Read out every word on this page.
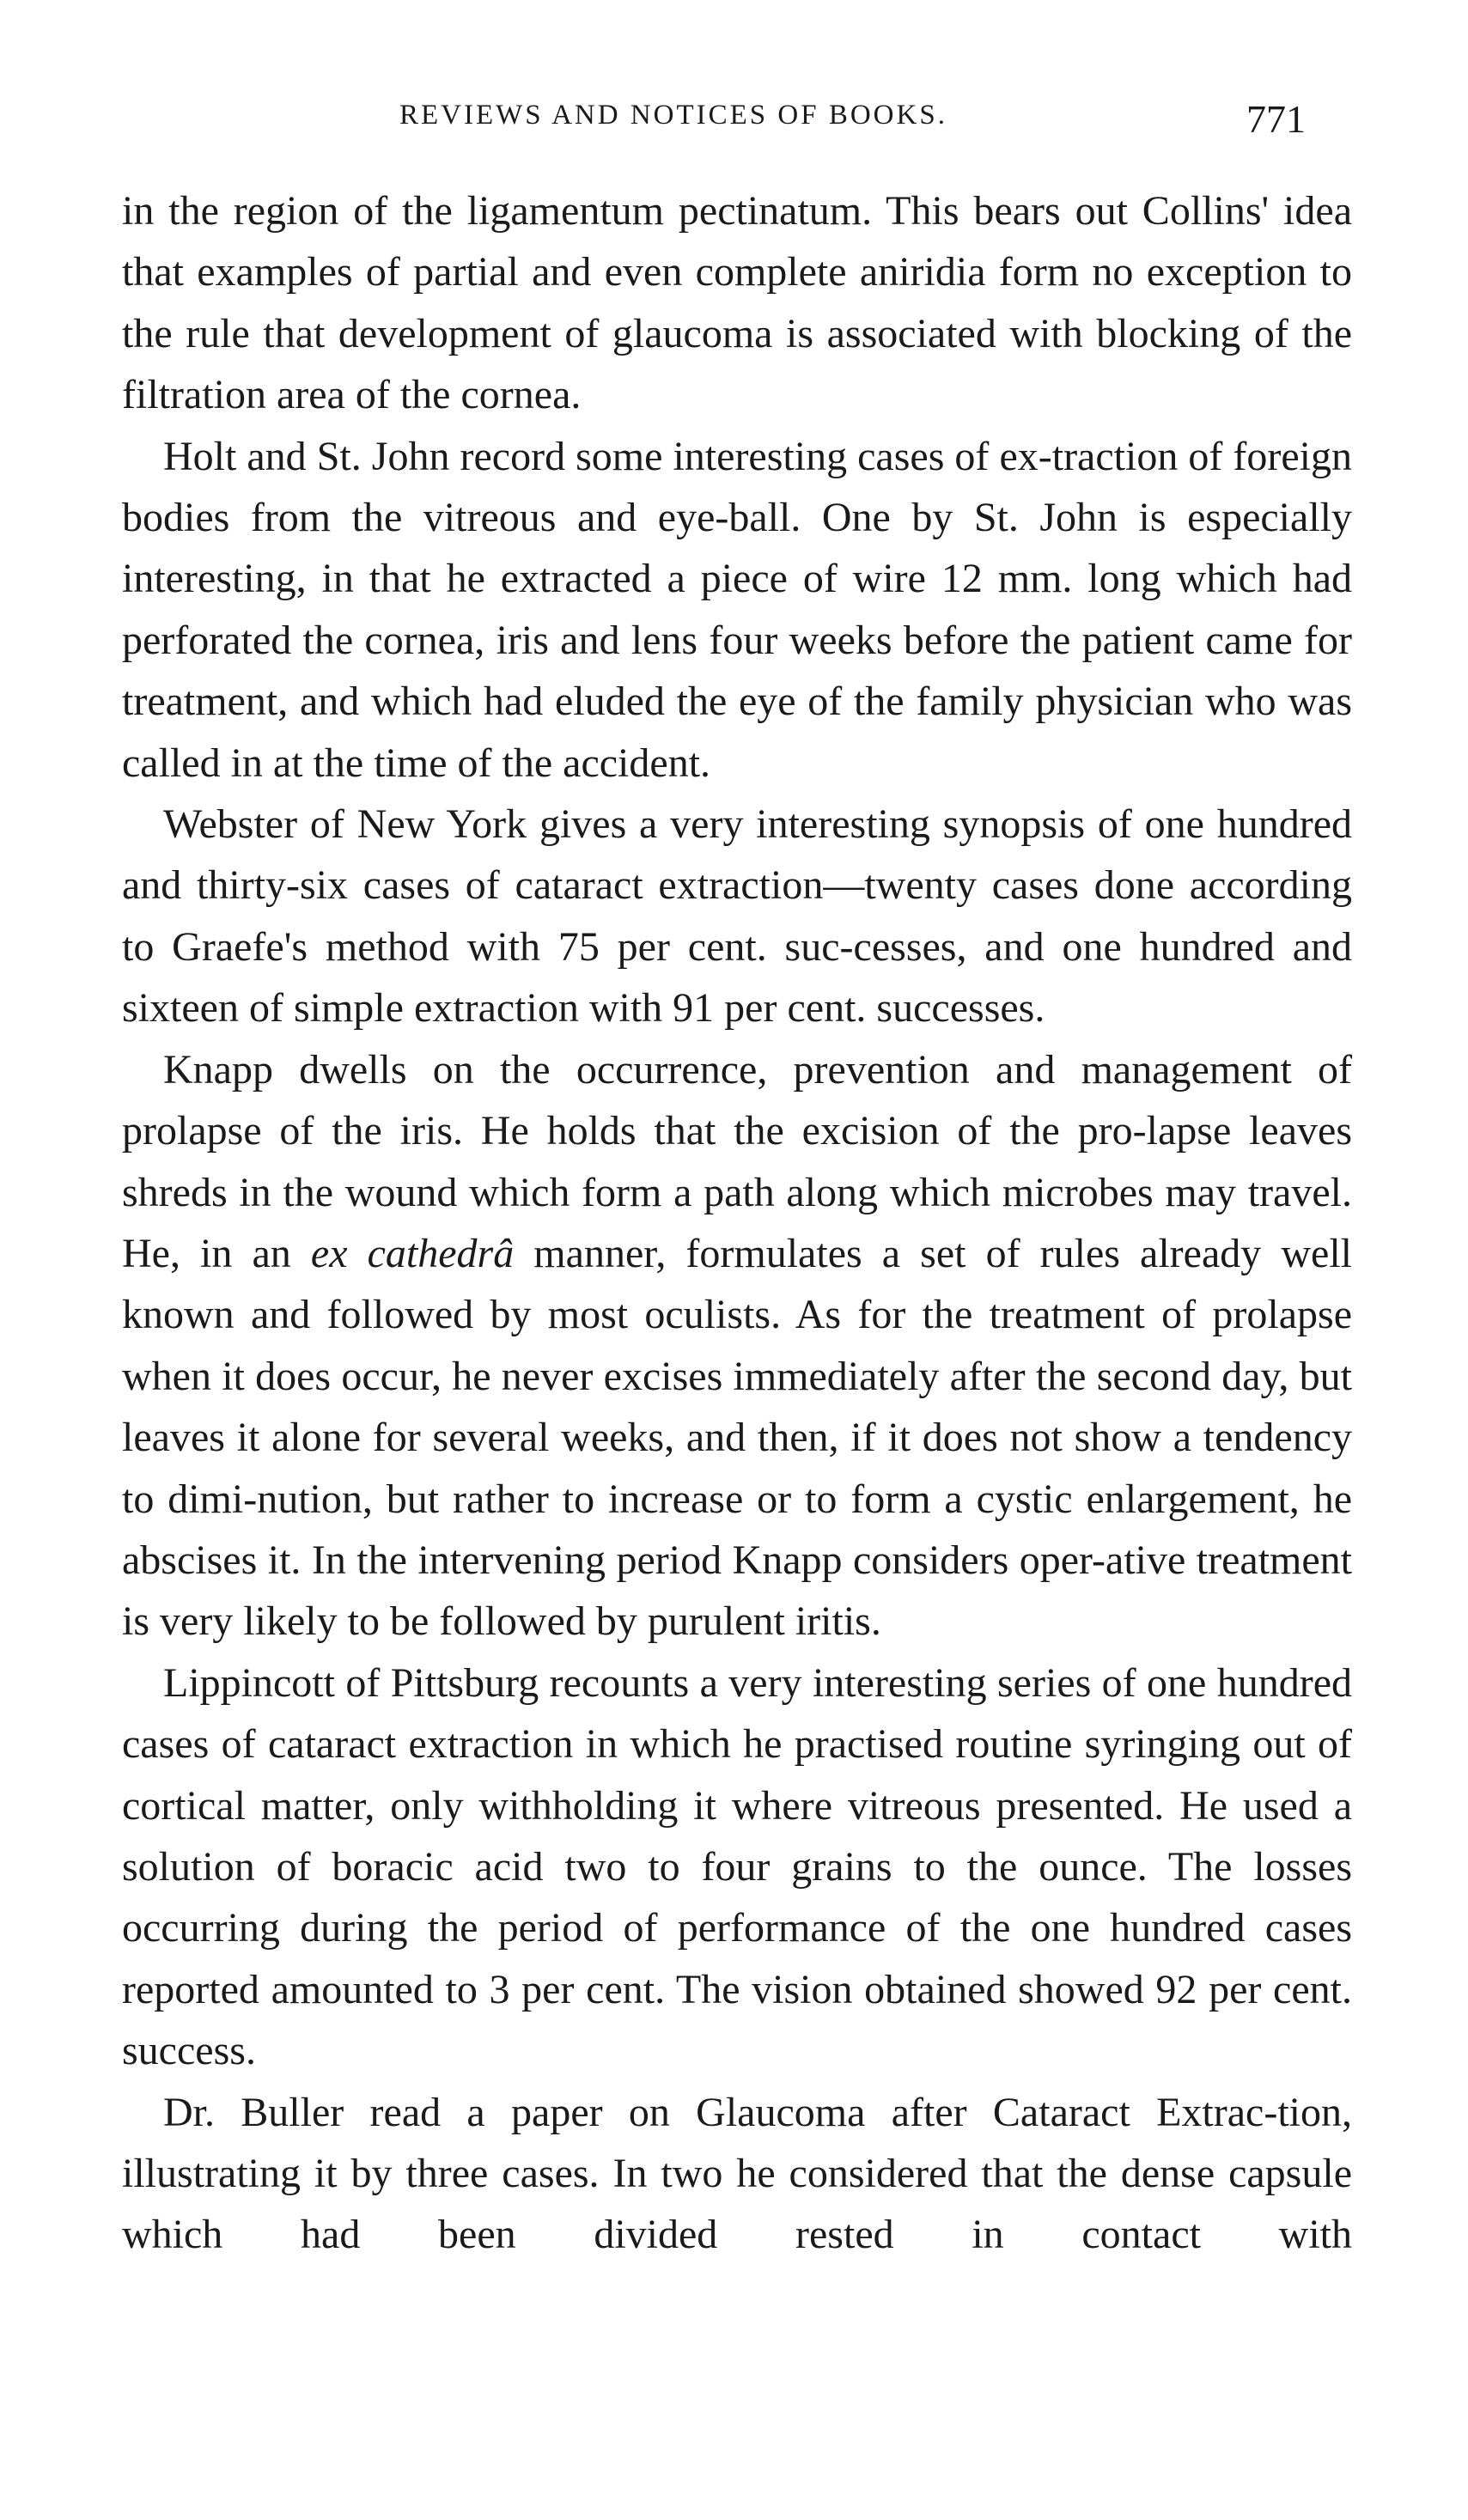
REVIEWS AND NOTICES OF BOOKS.	771

in the region of the ligamentum pectinatum. This bears out Collins' idea that examples of partial and even complete aniridia form no exception to the rule that development of glaucoma is associated with blocking of the filtration area of the cornea.

Holt and St. John record some interesting cases of ex-traction of foreign bodies from the vitreous and eye-ball. One by St. John is especially interesting, in that he extracted a piece of wire 12 mm. long which had perforated the cornea, iris and lens four weeks before the patient came for treatment, and which had eluded the eye of the family physician who was called in at the time of the accident.

Webster of New York gives a very interesting synopsis of one hundred and thirty-six cases of cataract extraction—twenty cases done according to Graefe's method with 75 per cent. suc-cesses, and one hundred and sixteen of simple extraction with 91 per cent. successes.

Knapp dwells on the occurrence, prevention and management of prolapse of the iris. He holds that the excision of the pro-lapse leaves shreds in the wound which form a path along which microbes may travel. He, in an ex cathedrâ manner, formulates a set of rules already well known and followed by most oculists. As for the treatment of prolapse when it does occur, he never excises immediately after the second day, but leaves it alone for several weeks, and then, if it does not show a tendency to dimi-nution, but rather to increase or to form a cystic enlargement, he abscises it. In the intervening period Knapp considers oper-ative treatment is very likely to be followed by purulent iritis.

Lippincott of Pittsburg recounts a very interesting series of one hundred cases of cataract extraction in which he practised routine syringing out of cortical matter, only withholding it where vitreous presented. He used a solution of boracic acid two to four grains to the ounce. The losses occurring during the period of performance of the one hundred cases reported amounted to 3 per cent. The vision obtained showed 92 per cent. success.

Dr. Buller read a paper on Glaucoma after Cataract Extrac-tion, illustrating it by three cases. In two he considered that the dense capsule which had been divided rested in contact with
